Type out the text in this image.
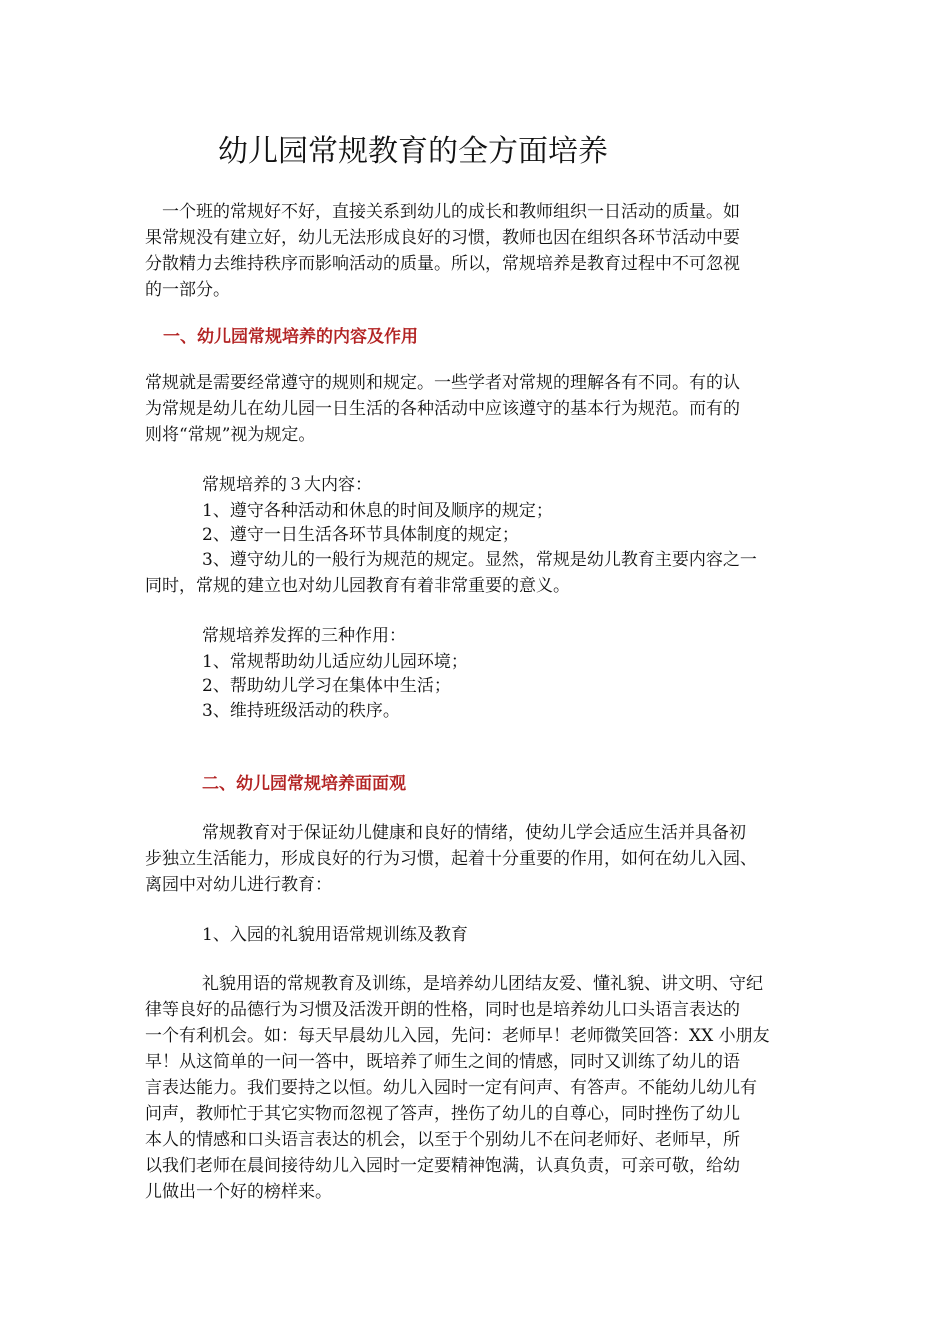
幼儿园常规教育的全方面培养
　一个班的常规好不好，直接关系到幼儿的成长和教师组织一日活动的质量。如
果常规没有建立好，幼儿无法形成良好的习惯，教师也因在组织各环节活动中要
分散精力去维持秩序而影响活动的质量。所以，常规培养是教育过程中不可忽视
的一部分。
一、幼儿园常规培养的内容及作用
常规就是需要经常遵守的规则和规定。一些学者对常规的理解各有不同。有的认
为常规是幼儿在幼儿园一日生活的各种活动中应该遵守的基本行为规范。而有的
则将“常规”视为规定。
常规培养的３大内容：
1、遵守各种活动和休息的时间及顺序的规定；
2、遵守一日生活各环节具体制度的规定；
3、遵守幼儿的一般行为规范的规定。显然，常规是幼儿教育主要内容之一
同时，常规的建立也对幼儿园教育有着非常重要的意义。
常规培养发挥的三种作用：
1、常规帮助幼儿适应幼儿园环境；
2、帮助幼儿学习在集体中生活；
3、维持班级活动的秩序。
二、幼儿园常规培养面面观
常规教育对于保证幼儿健康和良好的情绪，使幼儿学会适应生活并具备初
步独立生活能力，形成良好的行为习惯，起着十分重要的作用，如何在幼儿入园、
离园中对幼儿进行教育：
1、入园的礼貌用语常规训练及教育
礼貌用语的常规教育及训练，是培养幼儿团结友爱、懂礼貌、讲文明、守纪
律等良好的品德行为习惯及活泼开朗的性格，同时也是培养幼儿口头语言表达的
一个有利机会。如：每天早晨幼儿入园，先问：老师早！老师微笑回答：XX 小朋友
早！从这简单的一问一答中，既培养了师生之间的情感，同时又训练了幼儿的语
言表达能力。我们要持之以恒。幼儿入园时一定有问声、有答声。不能幼儿幼儿有
问声，教师忙于其它实物而忽视了答声，挫伤了幼儿的自尊心，同时挫伤了幼儿
本人的情感和口头语言表达的机会，以至于个别幼儿不在问老师好、老师早，所
以我们老师在晨间接待幼儿入园时一定要精神饱满，认真负责，可亲可敬，给幼
儿做出一个好的榜样来。
